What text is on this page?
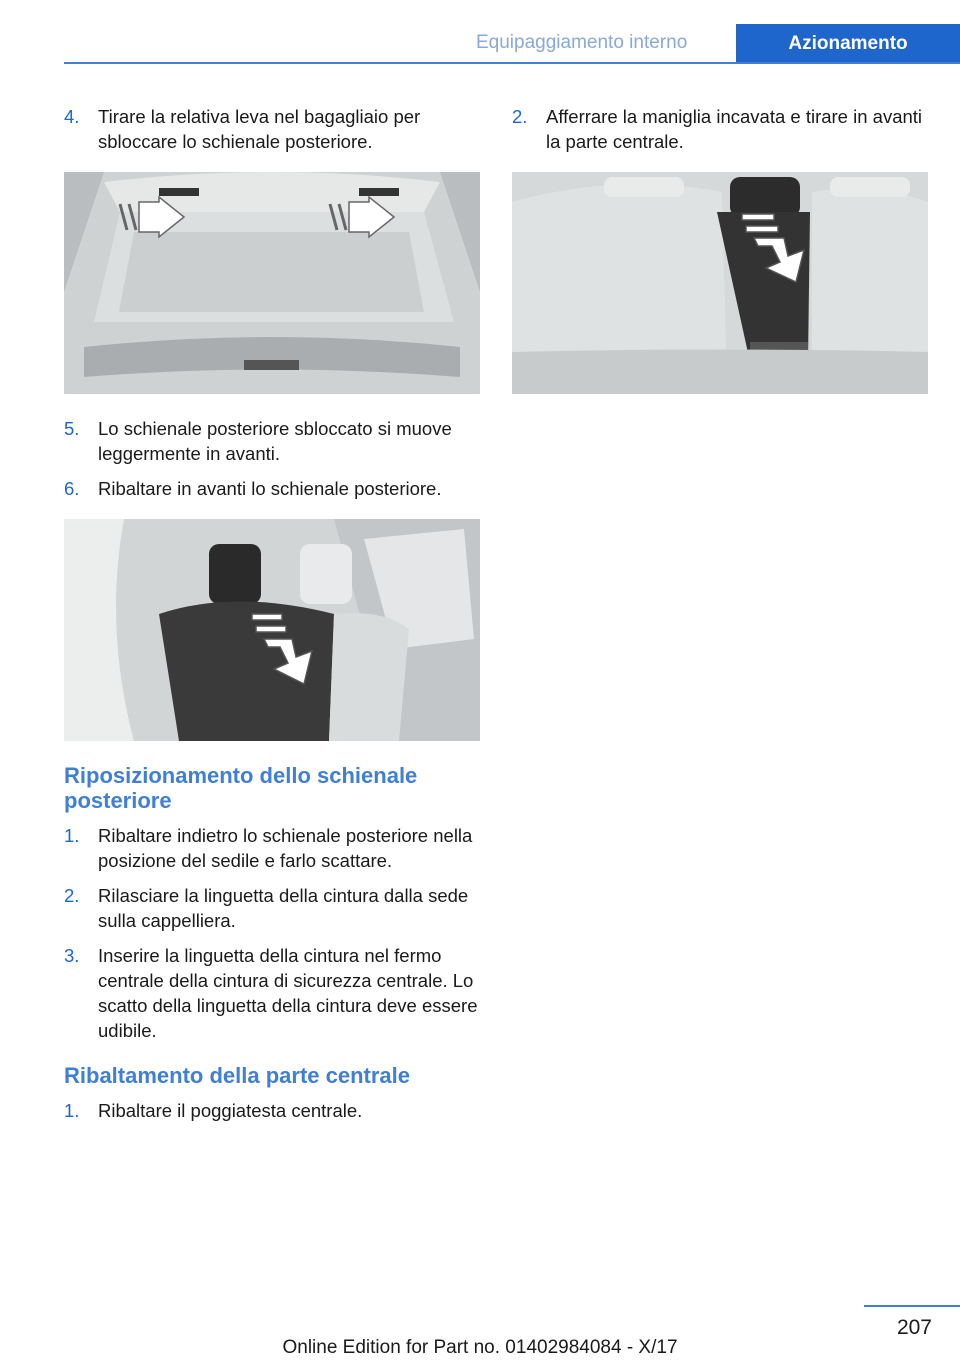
Equipaggiamento interno	Azionamento
4.	Tirare la relativa leva nel bagagliaio per sbloccare lo schienale posteriore.
5.	Lo schienale posteriore sbloccato si muove leggermente in avanti.
6.	Ribaltare in avanti lo schienale posteriore.
Riposizionamento dello schienale posteriore
1.	Ribaltare indietro lo schienale posteriore nella posizione del sedile e farlo scattare.
2.	Rilasciare la linguetta della cintura dalla sede sulla cappelliera.
3.	Inserire la linguetta della cintura nel fermo centrale della cintura di sicurezza centrale. Lo scatto della linguetta della cintura deve essere udibile.
Ribaltamento della parte centrale
1.	Ribaltare il poggiatesta centrale.
2.	Afferrare la maniglia incavata e tirare in avanti la parte centrale.
207
Online Edition for Part no. 01402984084 - X/17
